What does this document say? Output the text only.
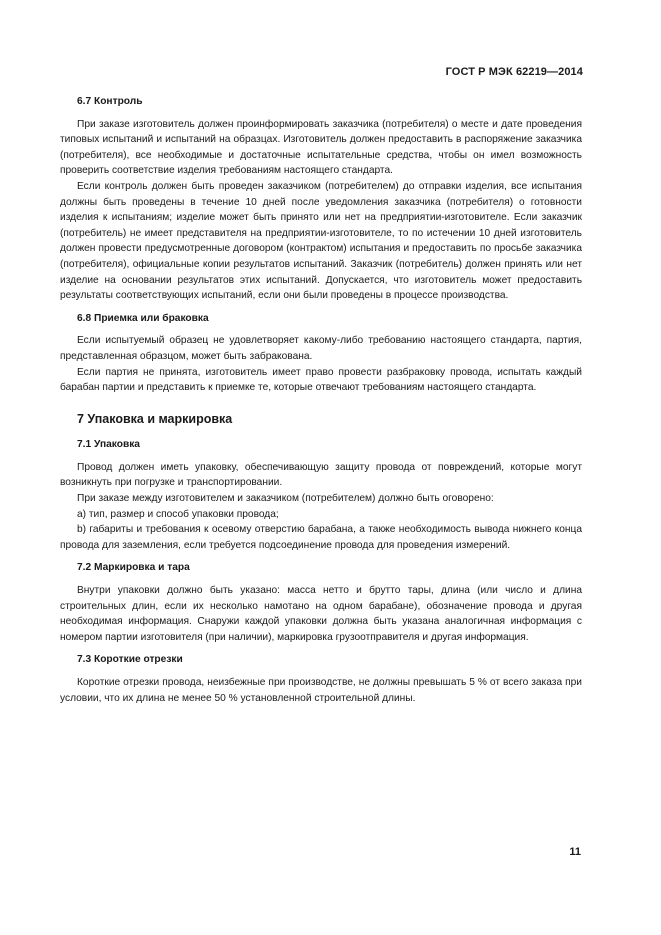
ГОСТ Р МЭК 62219—2014
6.7 Контроль

При заказе изготовитель должен проинформировать заказчика (потребителя) о месте и дате проведения типовых испытаний и испытаний на образцах. Изготовитель должен предоставить в распоряжение заказчика (потребителя), все необходимые и достаточные испытательные средства, чтобы он имел возможность проверить соответствие изделия требованиям настоящего стандарта.

Если контроль должен быть проведен заказчиком (потребителем) до отправки изделия, все испытания должны быть проведены в течение 10 дней после уведомления заказчика (потребителя) о готовности изделия к испытаниям; изделие может быть принято или нет на предприятии-изготовителе. Если заказчик (потребитель) не имеет представителя на предприятии-изготовителе, то по истечении 10 дней изготовитель должен провести предусмотренные договором (контрактом) испытания и предоставить по просьбе заказчика (потребителя), официальные копии результатов испытаний. Заказчик (потребитель) должен принять или нет изделие на основании результатов этих испытаний. Допускается, что изготовитель может предоставить результаты соответствующих испытаний, если они были проведены в процессе производства.

6.8 Приемка или браковка

Если испытуемый образец не удовлетворяет какому-либо требованию настоящего стандарта, партия, представленная образцом, может быть забракована.

Если партия не принята, изготовитель имеет право провести разбраковку провода, испытать каждый барабан партии и представить к приемке те, которые отвечают требованиям настоящего стандарта.

7 Упаковка и маркировка
7.1 Упаковка

Провод должен иметь упаковку, обеспечивающую защиту провода от повреждений, которые могут возникнуть при погрузке и транспортировании.

При заказе между изготовителем и заказчиком (потребителем) должно быть оговорено:

a) тип, размер и способ упаковки провода;
b) габариты и требования к осевому отверстию барабана, а также необходимость вывода нижнего конца провода для заземления, если требуется подсоединение провода для проведения измерений.
7.2 Маркировка и тара

Внутри упаковки должно быть указано: масса нетто и брутто тары, длина (или число и длина строительных длин, если их несколько намотано на одном барабане), обозначение провода и другая необходимая информация. Снаружи каждой упаковки должна быть указана аналогичная информация с номером партии изготовителя (при наличии), маркировка грузоотправителя и другая информация.

7.3 Короткие отрезки

Короткие отрезки провода, неизбежные при производстве, не должны превышать 5 % от всего заказа при условии, что их длина не менее 50 % установленной строительной длины.

11
